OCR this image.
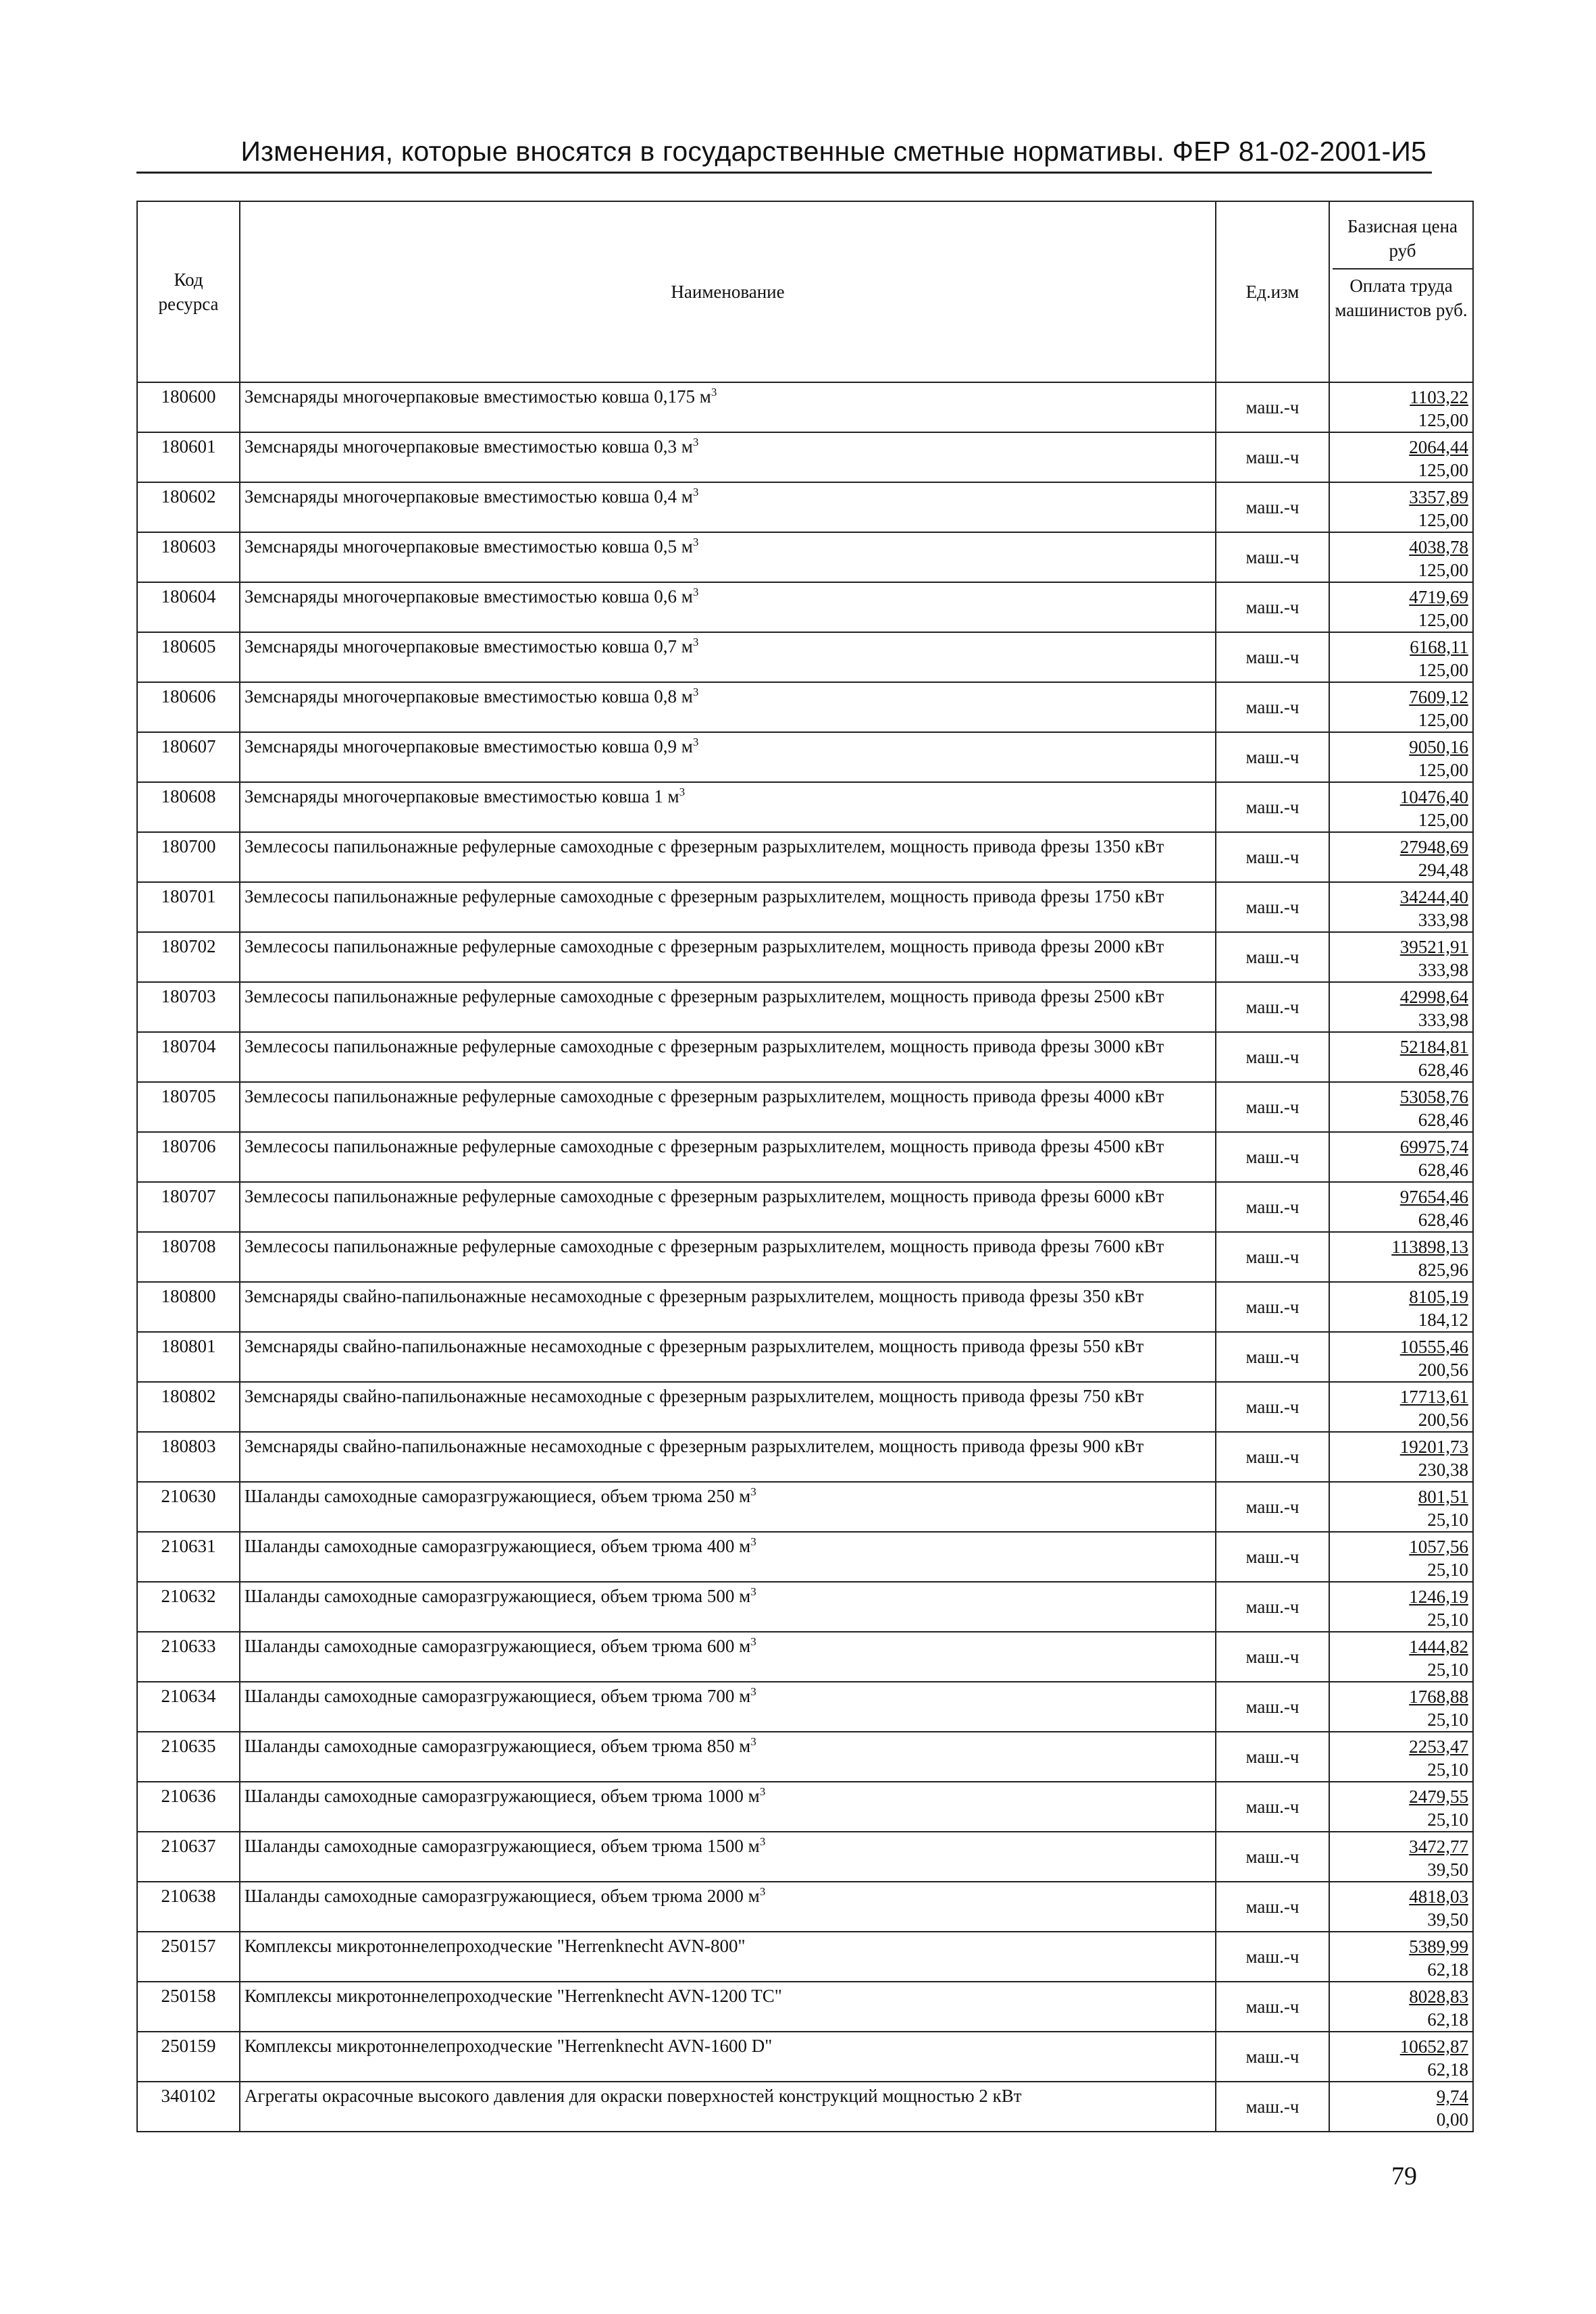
Изменения, которые вносятся в государственные сметные нормативы. ФЕР 81-02-2001-И5
Код ресурса	Наименование	Ед.изм	Базисная цена руб
Оплата труда машинистов руб.

180600	Земснаряды многочерпаковые вместимостью ковша 0,175 $м^3$	маш.-ч	1103,22
125,00

180601	Земснаряды многочерпаковые вместимостью ковша 0,3 $м^3$	маш.-ч	2064,44
125,00

180602	Земснаряды многочерпаковые вместимостью ковша 0,4 $м^3$	маш.-ч	3357,89
125,00

180603	Земснаряды многочерпаковые вместимостью ковша 0,5 $м^3$	маш.-ч	4038,78
125,00

180604	Земснаряды многочерпаковые вместимостью ковша 0,6 $м^3$	маш.-ч	4719,69
125,00

180605	Земснаряды многочерпаковые вместимостью ковша 0,7 $м^3$	маш.-ч	6168,11
125,00

180606	Земснаряды многочерпаковые вместимостью ковша 0,8 $м^3$	маш.-ч	7609,12
125,00

180607	Земснаряды многочерпаковые вместимостью ковша 0,9 $м^3$	маш.-ч	9050,16
125,00

180608	Земснаряды многочерпаковые вместимостью ковша 1 $м^3$	маш.-ч	10476,40
125,00

180700	Землесосы папильонажные рефулерные самоходные с фрезерным разрыхлителем, мощность привода фрезы 1350 кВт	маш.-ч	27948,69
294,48

180701	Землесосы папильонажные рефулерные самоходные с фрезерным разрыхлителем, мощность привода фрезы 1750 кВт	маш.-ч	34244,40
333,98

180702	Землесосы папильонажные рефулерные самоходные с фрезерным разрыхлителем, мощность привода фрезы 2000 кВт	маш.-ч	39521,91
333,98

180703	Землесосы папильонажные рефулерные самоходные с фрезерным разрыхлителем, мощность привода фрезы 2500 кВт	маш.-ч	42998,64
333,98

180704	Землесосы папильонажные рефулерные самоходные с фрезерным разрыхлителем, мощность привода фрезы 3000 кВт	маш.-ч	52184,81
628,46

180705	Землесосы папильонажные рефулерные самоходные с фрезерным разрыхлителем, мощность привода фрезы 4000 кВт	маш.-ч	53058,76
628,46

180706	Землесосы папильонажные рефулерные самоходные с фрезерным разрыхлителем, мощность привода фрезы 4500 кВт	маш.-ч	69975,74
628,46

180707	Землесосы папильонажные рефулерные самоходные с фрезерным разрыхлителем, мощность привода фрезы 6000 кВт	маш.-ч	97654,46
628,46

180708	Землесосы папильонажные рефулерные самоходные с фрезерным разрыхлителем, мощность привода фрезы 7600 кВт	маш.-ч	113898,13
825,96

180800	Земснаряды свайно-папильонажные несамоходные с фрезерным разрыхлителем, мощность привода фрезы 350 кВт	маш.-ч	8105,19
184,12

180801	Земснаряды свайно-папильонажные несамоходные с фрезерным разрыхлителем, мощность привода фрезы 550 кВт	маш.-ч	10555,46
200,56

180802	Земснаряды свайно-папильонажные несамоходные с фрезерным разрыхлителем, мощность привода фрезы 750 кВт	маш.-ч	17713,61
200,56

180803	Земснаряды свайно-папильонажные несамоходные с фрезерным разрыхлителем, мощность привода фрезы 900 кВт	маш.-ч	19201,73
230,38

210630	Шаланды самоходные саморазгружающиеся, объем трюма 250 $м^3$	маш.-ч	801,51
25,10

210631	Шаланды самоходные саморазгружающиеся, объем трюма 400 $м^3$	маш.-ч	1057,56
25,10

210632	Шаланды самоходные саморазгружающиеся, объем трюма 500 $м^3$	маш.-ч	1246,19
25,10

210633	Шаланды самоходные саморазгружающиеся, объем трюма 600 $м^3$	маш.-ч	1444,82
25,10

210634	Шаланды самоходные саморазгружающиеся, объем трюма 700 $м^3$	маш.-ч	1768,88
25,10

210635	Шаланды самоходные саморазгружающиеся, объем трюма 850 $м^3$	маш.-ч	2253,47
25,10

210636	Шаланды самоходные саморазгружающиеся, объем трюма 1000 $м^3$	маш.-ч	2479,55
25,10

210637	Шаланды самоходные саморазгружающиеся, объем трюма 1500 $м^3$	маш.-ч	3472,77
39,50

210638	Шаланды самоходные саморазгружающиеся, объем трюма 2000 $м^3$	маш.-ч	4818,03
39,50

250157	Комплексы микротоннелепроходческие "Herrenknecht AVN-800"	маш.-ч	5389,99
62,18

250158	Комплексы микротоннелепроходческие "Herrenknecht AVN-1200 TC"	маш.-ч	8028,83
62,18

250159	Комплексы микротоннелепроходческие "Herrenknecht AVN-1600 D"	маш.-ч	10652,87
62,18

340102	Агрегаты окрасочные высокого давления для окраски поверхностей конструкций мощностью 2 кВт	маш.-ч	9,74
0,00
79
